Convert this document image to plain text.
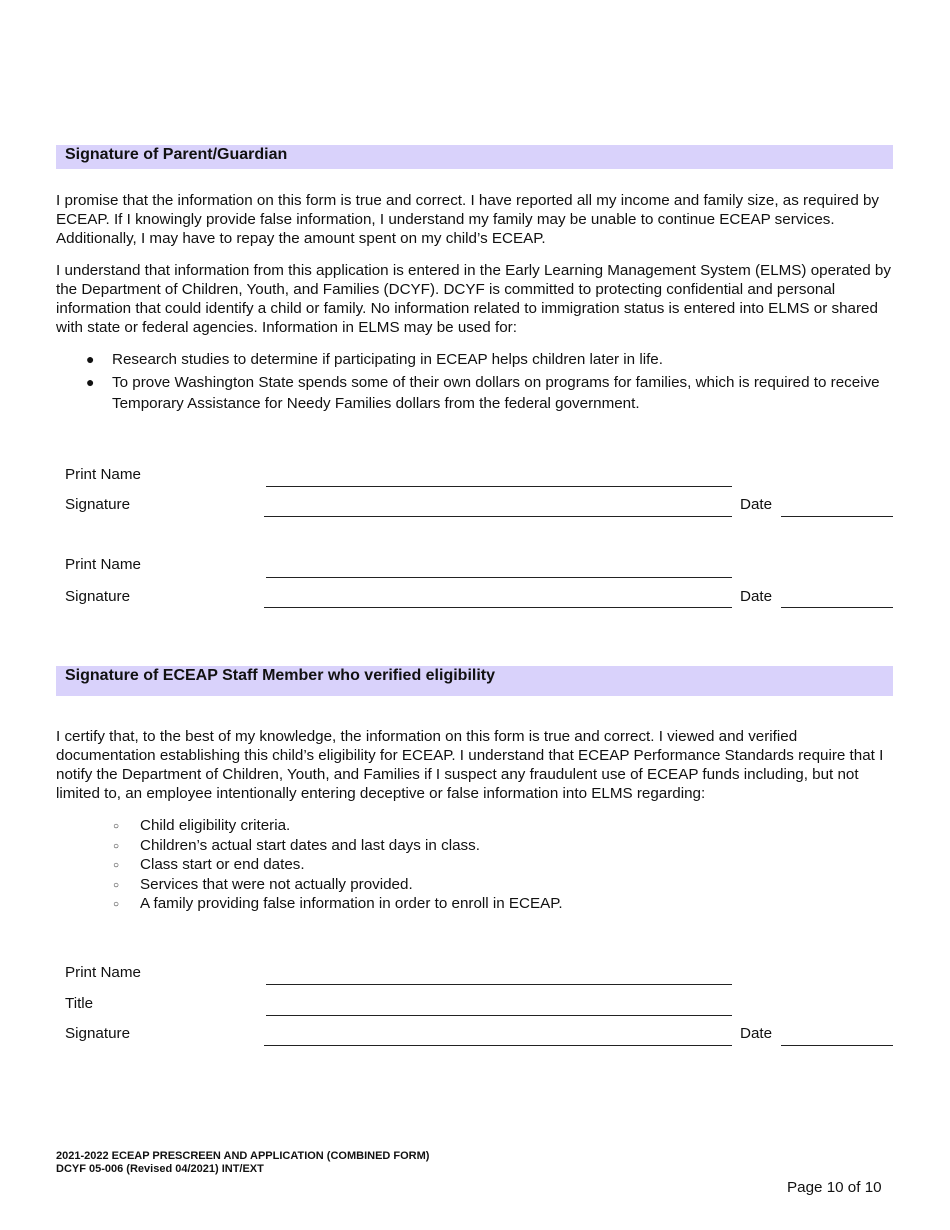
Signature of Parent/Guardian

I promise that the information on this form is true and correct. I have reported all my income and family size, as required by ECEAP. If I knowingly provide false information, I understand my family may be unable to continue ECEAP services. Additionally, I may have to repay the amount spent on my child’s ECEAP.

I understand that information from this application is entered in the Early Learning Management System (ELMS) operated by the Department of Children, Youth, and Families (DCYF). DCYF is committed to protecting confidential and personal information that could identify a child or family. No information related to immigration status is entered into ELMS or shared with state or federal agencies. Information in ELMS may be used for:

● Research studies to determine if participating in ECEAP helps children later in life.
● To prove Washington State spends some of their own dollars on programs for families, which is required to receive Temporary Assistance for Needy Families dollars from the federal government.
Print Name
Signature	Date
Print Name
Signature	Date
Signature of ECEAP Staff Member who verified eligibility

I certify that, to the best of my knowledge, the information on this form is true and correct. I viewed and verified documentation establishing this child’s eligibility for ECEAP. I understand that ECEAP Performance Standards require that I notify the Department of Children, Youth, and Families if I suspect any fraudulent use of ECEAP funds including, but not limited to, an employee intentionally entering deceptive or false information into ELMS regarding:

○ Child eligibility criteria.
○ Children’s actual start dates and last days in class.
○ Class start or end dates.
○ Services that were not actually provided.
○ A family providing false information in order to enroll in ECEAP.
Print Name
Title
Signature	Date
2021-2022 ECEAP PRESCREEN AND APPLICATION (COMBINED FORM)
DCYF 05-006 (Revised 04/2021) INT/EXT
Page 10 of 10
